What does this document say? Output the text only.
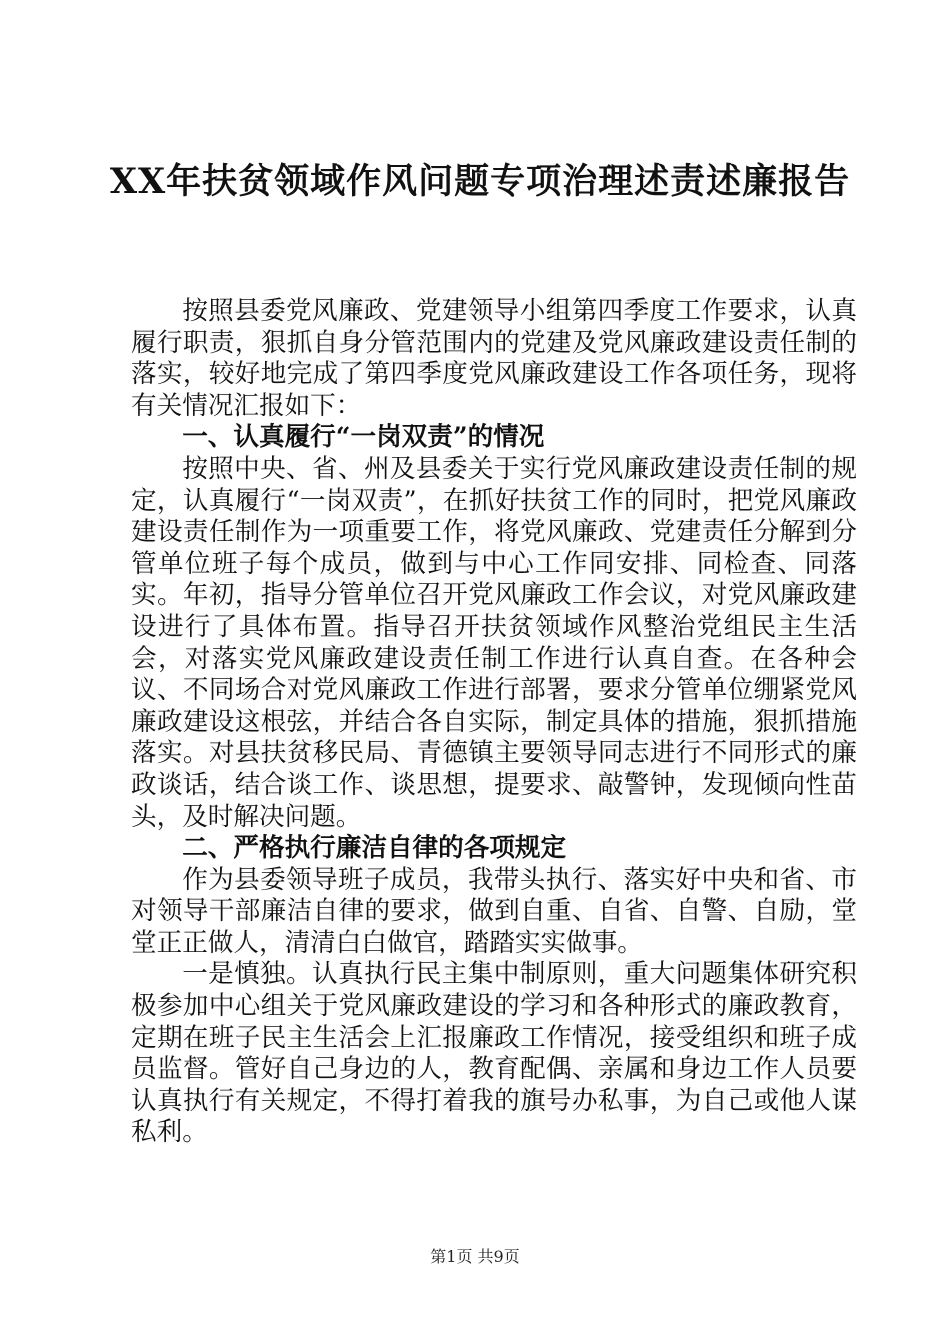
XX年扶贫领域作风问题专项治理述责述廉报告

按照县委党风廉政、党建领导小组第四季度工作要求，认真履行职责，狠抓自身分管范围内的党建及党风廉政建设责任制的落实，较好地完成了第四季度党风廉政建设工作各项任务，现将有关情况汇报如下：

一、认真履行“一岗双责”的情况

按照中央、省、州及县委关于实行党风廉政建设责任制的规定，认真履行“一岗双责”，在抓好扶贫工作的同时，把党风廉政建设责任制作为一项重要工作，将党风廉政、党建责任分解到分管单位班子每个成员，做到与中心工作同安排、同检查、同落实。年初，指导分管单位召开党风廉政工作会议，对党风廉政建设进行了具体布置。指导召开扶贫领域作风整治党组民主生活会，对落实党风廉政建设责任制工作进行认真自查。在各种会议、不同场合对党风廉政工作进行部署，要求分管单位绷紧党风廉政建设这根弦，并结合各自实际，制定具体的措施，狠抓措施落实。对县扶贫移民局、青德镇主要领导同志进行不同形式的廉政谈话，结合谈工作、谈思想，提要求、敲警钟，发现倾向性苗头，及时解决问题。

二、严格执行廉洁自律的各项规定

作为县委领导班子成员，我带头执行、落实好中央和省、市对领导干部廉洁自律的要求，做到自重、自省、自警、自励，堂堂正正做人，清清白白做官，踏踏实实做事。

一是慎独。认真执行民主集中制原则，重大问题集体研究积极参加中心组关于党风廉政建设的学习和各种形式的廉政教育，定期在班子民主生活会上汇报廉政工作情况，接受组织和班子成员监督。管好自己身边的人，教育配偶、亲属和身边工作人员要认真执行有关规定，不得打着我的旗号办私事，为自己或他人谋私利。

第1页 共9页
